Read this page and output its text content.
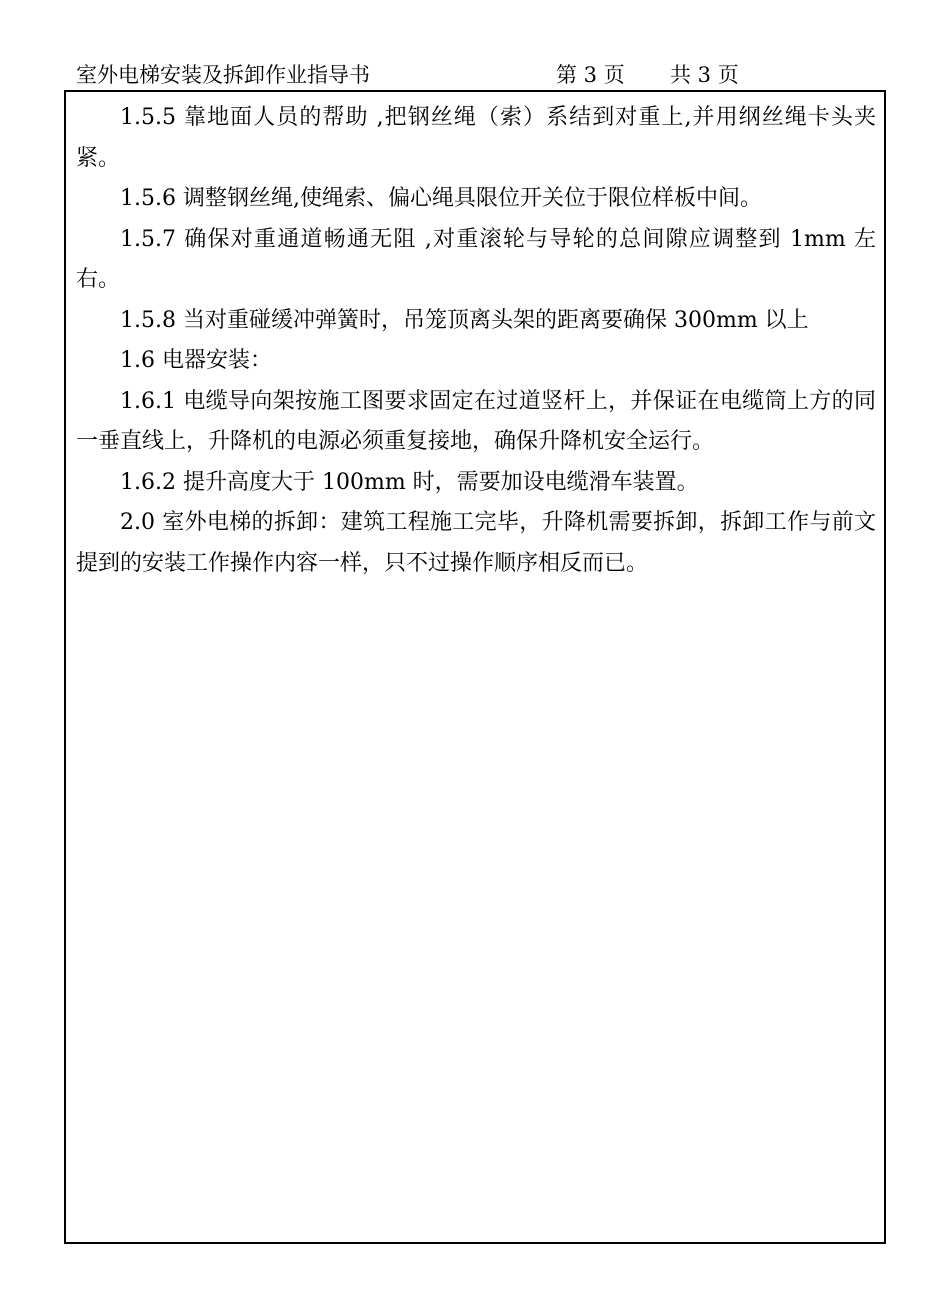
室外电梯安装及拆卸作业指导书	第 3 页 共 3 页

1.5.5 靠地面人员的帮助 ,把钢丝绳（索）系结到对重上,并用纲丝绳卡头夹紧。

1.5.6 调整钢丝绳,使绳索、偏心绳具限位开关位于限位样板中间。

1.5.7 确保对重通道畅通无阻 ,对重滚轮与导轮的总间隙应调整到 1mm 左右。

1.5.8 当对重碰缓冲弹簧时，吊笼顶离头架的距离要确保 300mm 以上

1.6 电器安装：

1.6.1 电缆导向架按施工图要求固定在过道竖杆上，并保证在电缆筒上方的同一垂直线上，升降机的电源必须重复接地，确保升降机安全运行。

1.6.2 提升高度大于 100mm 时，需要加设电缆滑车装置。

2.0 室外电梯的拆卸：建筑工程施工完毕，升降机需要拆卸，拆卸工作与前文提到的安装工作操作内容一样，只不过操作顺序相反而已。
